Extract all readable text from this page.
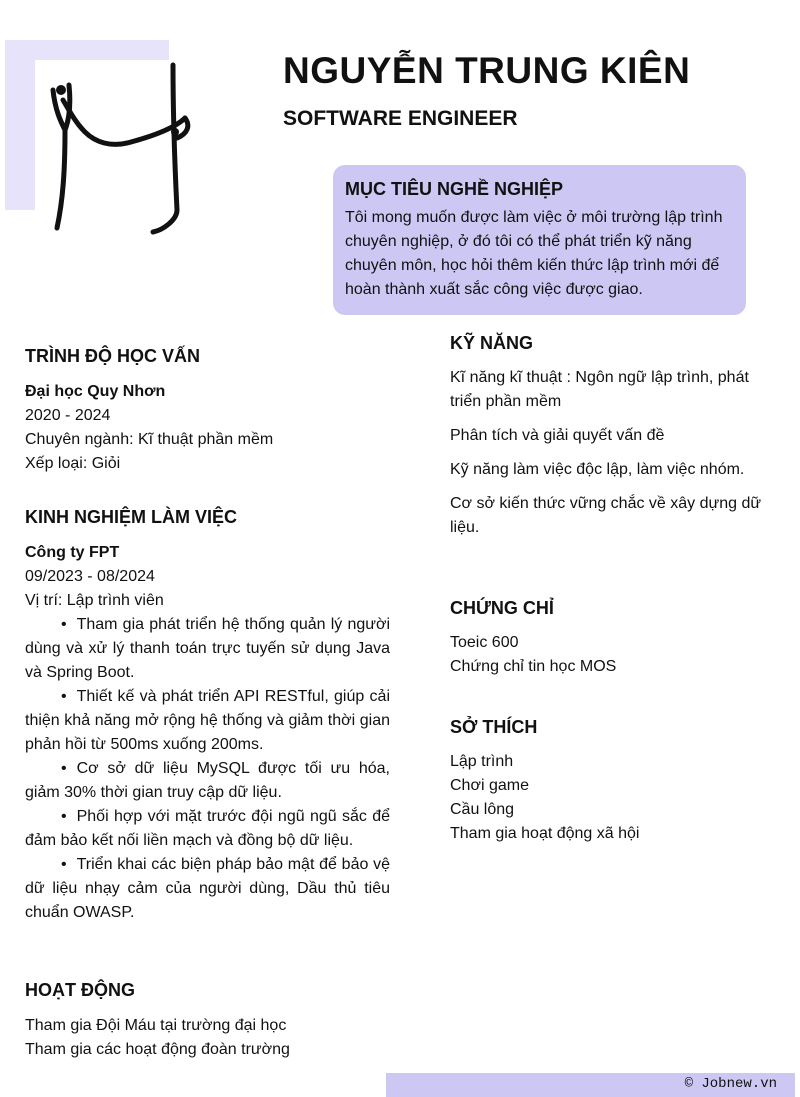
NGUYỄN TRUNG KIÊN
SOFTWARE ENGINEER
MỤC TIÊU NGHỀ NGHIỆP

Tôi mong muốn được làm việc ở môi trường lập trình chuyên nghiệp, ở đó tôi có thể phát triển kỹ năng chuyên môn, học hỏi thêm kiến thức lập trình mới để hoàn thành xuất sắc công việc được giao.

TRÌNH ĐỘ HỌC VẤN
Đại học Quy Nhơn
2020 - 2024
Chuyên ngành: Kĩ thuật phần mềm
Xếp loại: Giỏi
KINH NGHIỆM LÀM VIỆC
Công ty FPT
09/2023 - 08/2024
Vị trí: Lập trình viên
• Tham gia phát triển hệ thống quản lý người dùng và xử lý thanh toán trực tuyến sử dụng Java và Spring Boot.
• Thiết kế và phát triển API RESTful, giúp cải thiện khả năng mở rộng hệ thống và giảm thời gian phản hồi từ 500ms xuống 200ms.
• Cơ sở dữ liệu MySQL được tối ưu hóa, giảm 30% thời gian truy cập dữ liệu.
• Phối hợp với mặt trước đội ngũ ngũ sắc để đảm bảo kết nối liền mạch và đồng bộ dữ liệu.
• Triển khai các biện pháp bảo mật để bảo vệ dữ liệu nhạy cảm của người dùng, Dầu thủ tiêu chuẩn OWASP.
HOẠT ĐỘNG
Tham gia Đội Máu tại trường đại học
Tham gia các hoạt động đoàn trường
KỸ NĂNG
Kĩ năng kĩ thuật : Ngôn ngữ lập trình, phát triển phần mềm
Phân tích và giải quyết vấn đề
Kỹ năng làm việc độc lập, làm việc nhóm.
Cơ sở kiến thức vững chắc về xây dựng dữ liệu.
CHỨNG CHỈ
Toeic 600
Chứng chỉ tin học MOS
SỞ THÍCH
Lập trình
Chơi game
Cầu lông
Tham gia hoạt động xã hội
© Jobnew.vn
